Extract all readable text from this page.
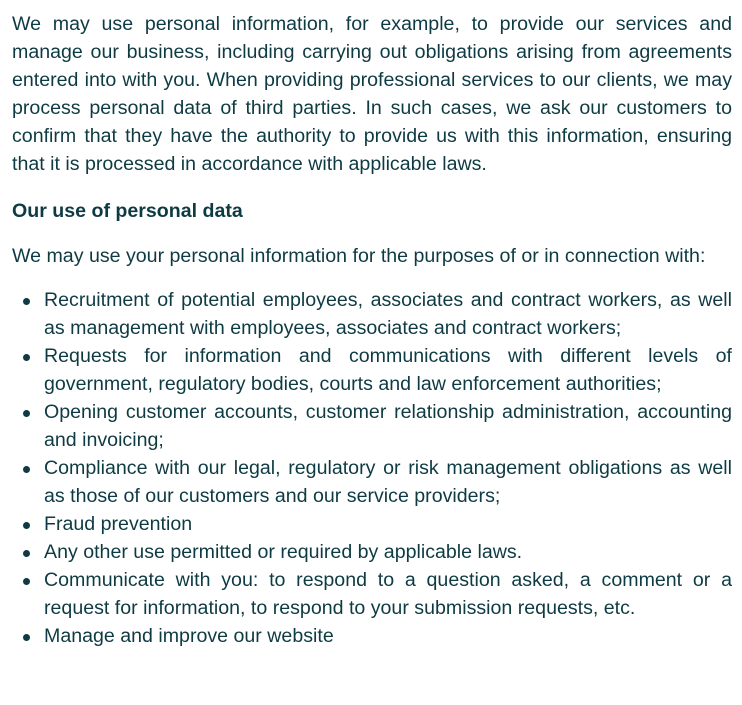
We may use personal information, for example, to provide our services and manage our business, including carrying out obligations arising from agreements entered into with you. When providing professional services to our clients, we may process personal data of third parties. In such cases, we ask our customers to confirm that they have the authority to provide us with this information, ensuring that it is processed in accordance with applicable laws.

Our use of personal data

We may use your personal information for the purposes of or in connection with:

Recruitment of potential employees, associates and contract workers, as well as management with employees, associates and contract workers;
Requests for information and communications with different levels of government, regulatory bodies, courts and law enforcement authorities;
Opening customer accounts, customer relationship administration, accounting and invoicing;
Compliance with our legal, regulatory or risk management obligations as well as those of our customers and our service providers;
Fraud prevention
Any other use permitted or required by applicable laws.
Communicate with you: to respond to a question asked, a comment or a request for information, to respond to your submission requests, etc.
Manage and improve our website
